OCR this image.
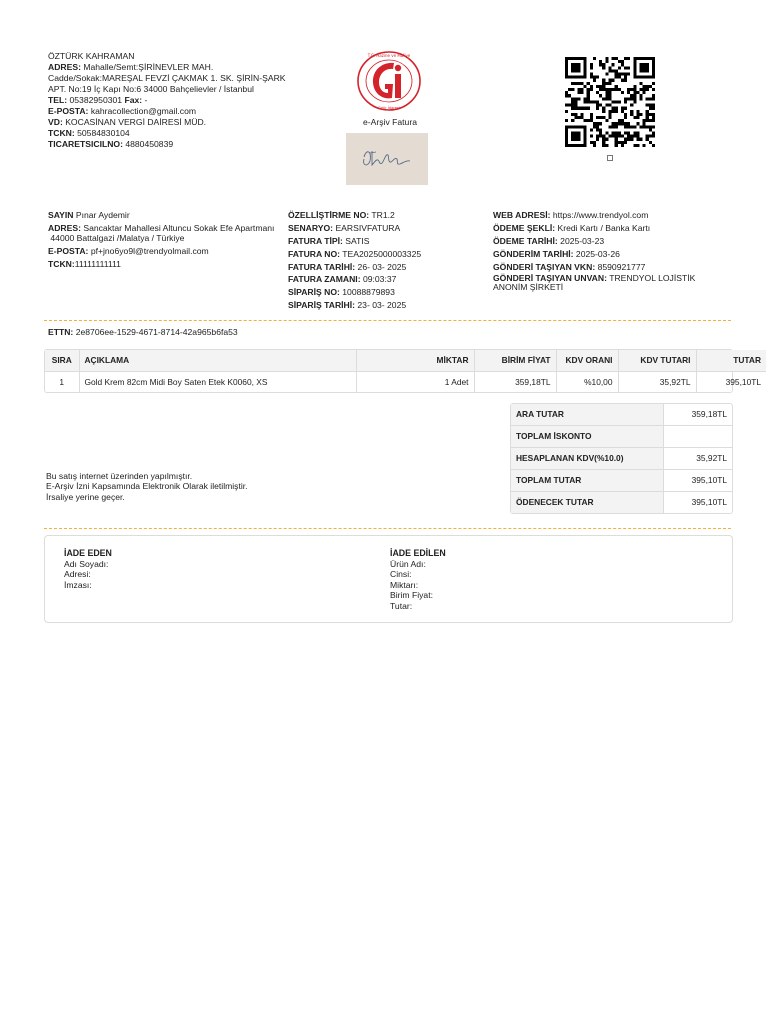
ÖZTÜRK KAHRAMAN
ADRES: Mahalle/Semt:ŞİRİNEVLER MAH.
Cadde/Sokak:MAREŞAL FEVZİ ÇAKMAK 1. SK. ŞİRİN-ŞARK
APT. No:19 İç Kapı No:6 34000 Bahçelievler / İstanbul
TEL: 05382950301 Fax: -
E-POSTA: kahracollection@gmail.com
VD: KOCASİNAN VERGİ DAİRESİ MÜD.
TCKN: 50584830104
TICARETSICILNO: 4880450839
T.C. Hazine ve Maliye
Gelir İdaresi
e-Arşiv Fatura
SAYIN Pınar Aydemir
ADRES: Sancaktar Mahallesi Altuncu Sokak Efe Apartmanı
44000 Battalgazi /Malatya / Türkiye
E-POSTA: pf+jno6yo9l@trendyolmail.com
TCKN:11111111111
ÖZELLİŞTİRME NO: TR1.2
SENARYO: EARSIVFATURA
FATURA TİPİ: SATIS
FATURA NO: TEA2025000003325
FATURA TARİHİ: 26- 03- 2025
FATURA ZAMANI: 09:03:37
SİPARİŞ NO: 10088879893
SİPARİŞ TARİHİ: 23- 03- 2025
WEB ADRESİ: https://www.trendyol.com
ÖDEME ŞEKLİ: Kredi Kartı / Banka Kartı
ÖDEME TARİHİ: 2025-03-23
GÖNDERİM TARİHİ: 2025-03-26
GÖNDERİ TAŞIYAN VKN: 8590921777
GÖNDERİ TAŞIYAN UNVAN: TRENDYOL LOJİSTİK ANONİM ŞİRKETİ
ETTN: 2e8706ee-1529-4671-8714-42a965b6fa53
SIRA	AÇIKLAMA	MİKTAR	BİRİM FİYAT	KDV ORANI	KDV TUTARI	TUTAR
1	Gold Krem 82cm Midi Boy Saten Etek K0060, XS	1 Adet	359,18TL	%10,00	35,92TL	395,10TL
ARA TUTAR	359,18TL
TOPLAM İSKONTO	
HESAPLANAN KDV(%10.0)	35,92TL
TOPLAM TUTAR	395,10TL
ÖDENECEK TUTAR	395,10TL
Bu satış internet üzerinden yapılmıştır.
E-Arşiv İzni Kapsamında Elektronik Olarak iletilmiştir.
İrsaliye yerine geçer.
İADE EDEN
Adı Soyadı:
Adresi:
İmzası:
İADE EDİLEN
Ürün Adı:
Cinsi:
Miktarı:
Birim Fiyat:
Tutar:
